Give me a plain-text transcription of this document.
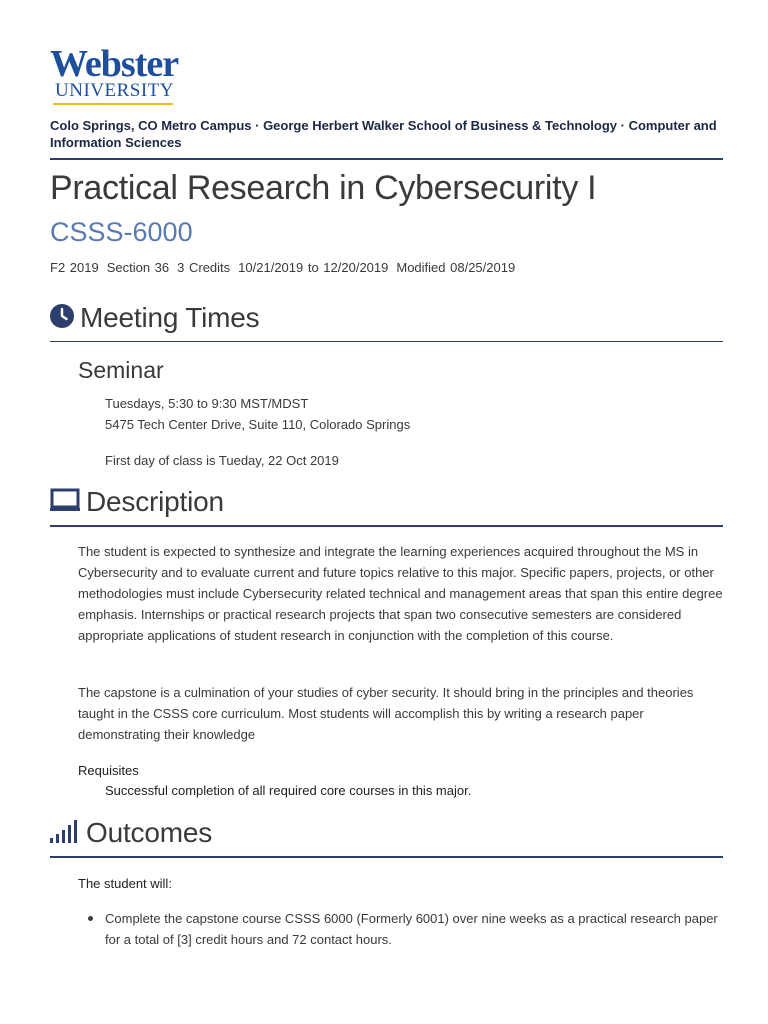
Webster
UNIVERSITY
Colo Springs, CO Metro Campus · George Herbert Walker School of Business & Technology · Computer and Information Sciences
Practical Research in Cybersecurity I
CSSS-6000
F2 2019 Section 36 3 Credits 10/21/2019 to 12/20/2019 Modified 08/25/2019
Meeting Times
Seminar
Tuesdays, 5:30 to 9:30 MST/MDST
5475 Tech Center Drive, Suite 110, Colorado Springs
First day of class is Tueday, 22 Oct 2019
Description
The student is expected to synthesize and integrate the learning experiences acquired throughout the MS in Cybersecurity and to evaluate current and future topics relative to this major. Specific papers, projects, or other methodologies must include Cybersecurity related technical and management areas that span this entire degree emphasis. Internships or practical research projects that span two consecutive semesters are considered appropriate applications of student research in conjunction with the completion of this course.
The capstone is a culmination of your studies of cyber security. It should bring in the principles and theories taught in the CSSS core curriculum. Most students will accomplish this by writing a research paper demonstrating their knowledge
Requisites
Successful completion of all required core courses in this major.
Outcomes
The student will:
Complete the capstone course CSSS 6000 (Formerly 6001) over nine weeks as a practical research paper for a total of [3] credit hours and 72 contact hours.
